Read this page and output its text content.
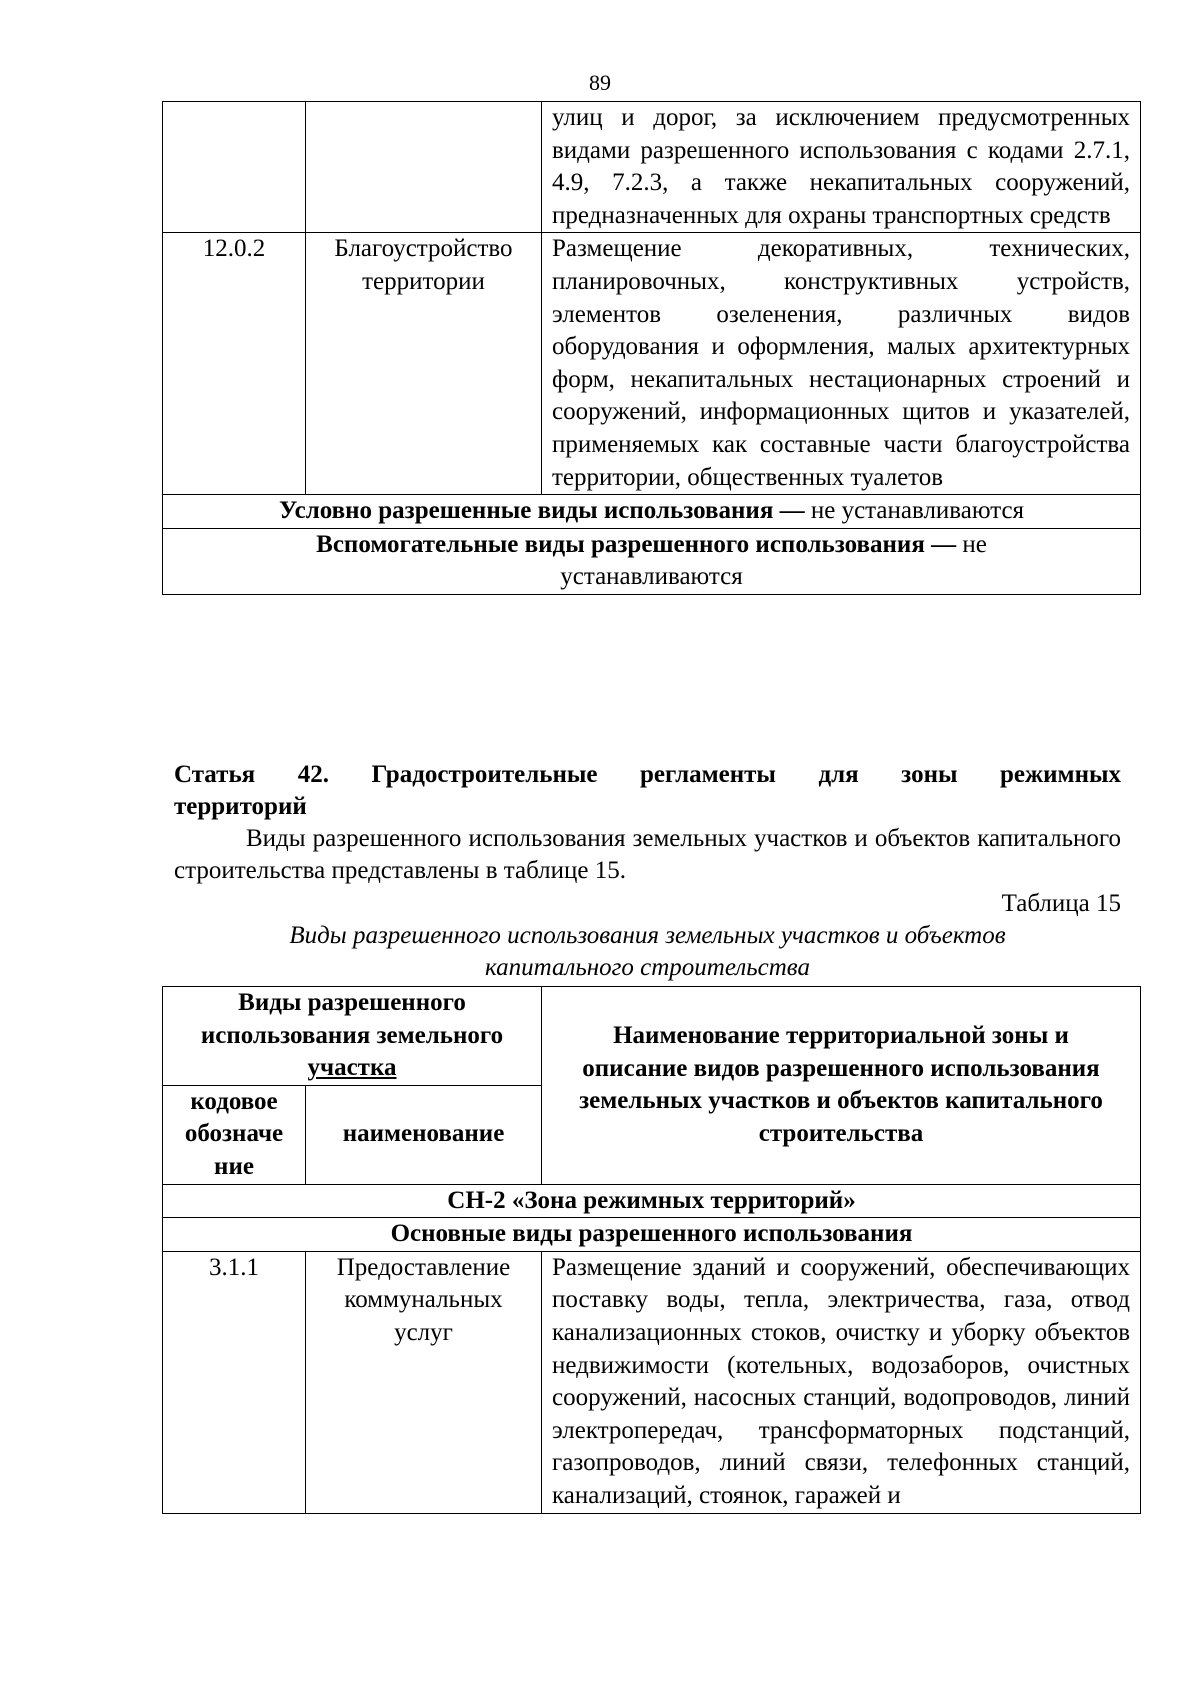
89
		улиц и дорог, за исключением предусмотренных видами разрешенного использования с кодами 2.7.1, 4.9, 7.2.3, а также некапитальных сооружений, предназначенных для охраны транспортных средств
12.0.2	Благоустройство территории	Размещение декоративных, технических, планировочных, конструктивных устройств, элементов озеленения, различных видов оборудования и оформления, малых архитектурных форм, некапитальных нестационарных строений и сооружений, информационных щитов и указателей, применяемых как составные части благоустройства территории, общественных туалетов
Условно разрешенные виды использования — не устанавливаются		
Вспомогательные виды разрешенного использования — не устанавливаются		
Статья 42. Градостроительные регламенты для зоны режимных
территорий
Виды разрешенного использования земельных участков и объектов капитального строительства представлены в таблице 15.
Таблица 15
Виды разрешенного использования земельных участков и объектов
капитального строительства
Виды разрешенного
использования земельного
участка		Наименование территориальной зоны и описание видов разрешенного использования земельных участков и объектов капитального строительства
кодовое обозначе ние	наименование	
СН-2 «Зона режимных территорий»		
Основные виды разрешенного использования		
3.1.1	Предоставление коммунальных услуг	Размещение зданий и сооружений, обеспечивающих поставку воды, тепла, электричества, газа, отвод канализационных стоков, очистку и уборку объектов недвижимости (котельных, водозаборов, очистных сооружений, насосных станций, водопроводов, линий электропередач, трансформаторных подстанций, газопроводов, линий связи, телефонных станций, канализаций, стоянок, гаражей и
